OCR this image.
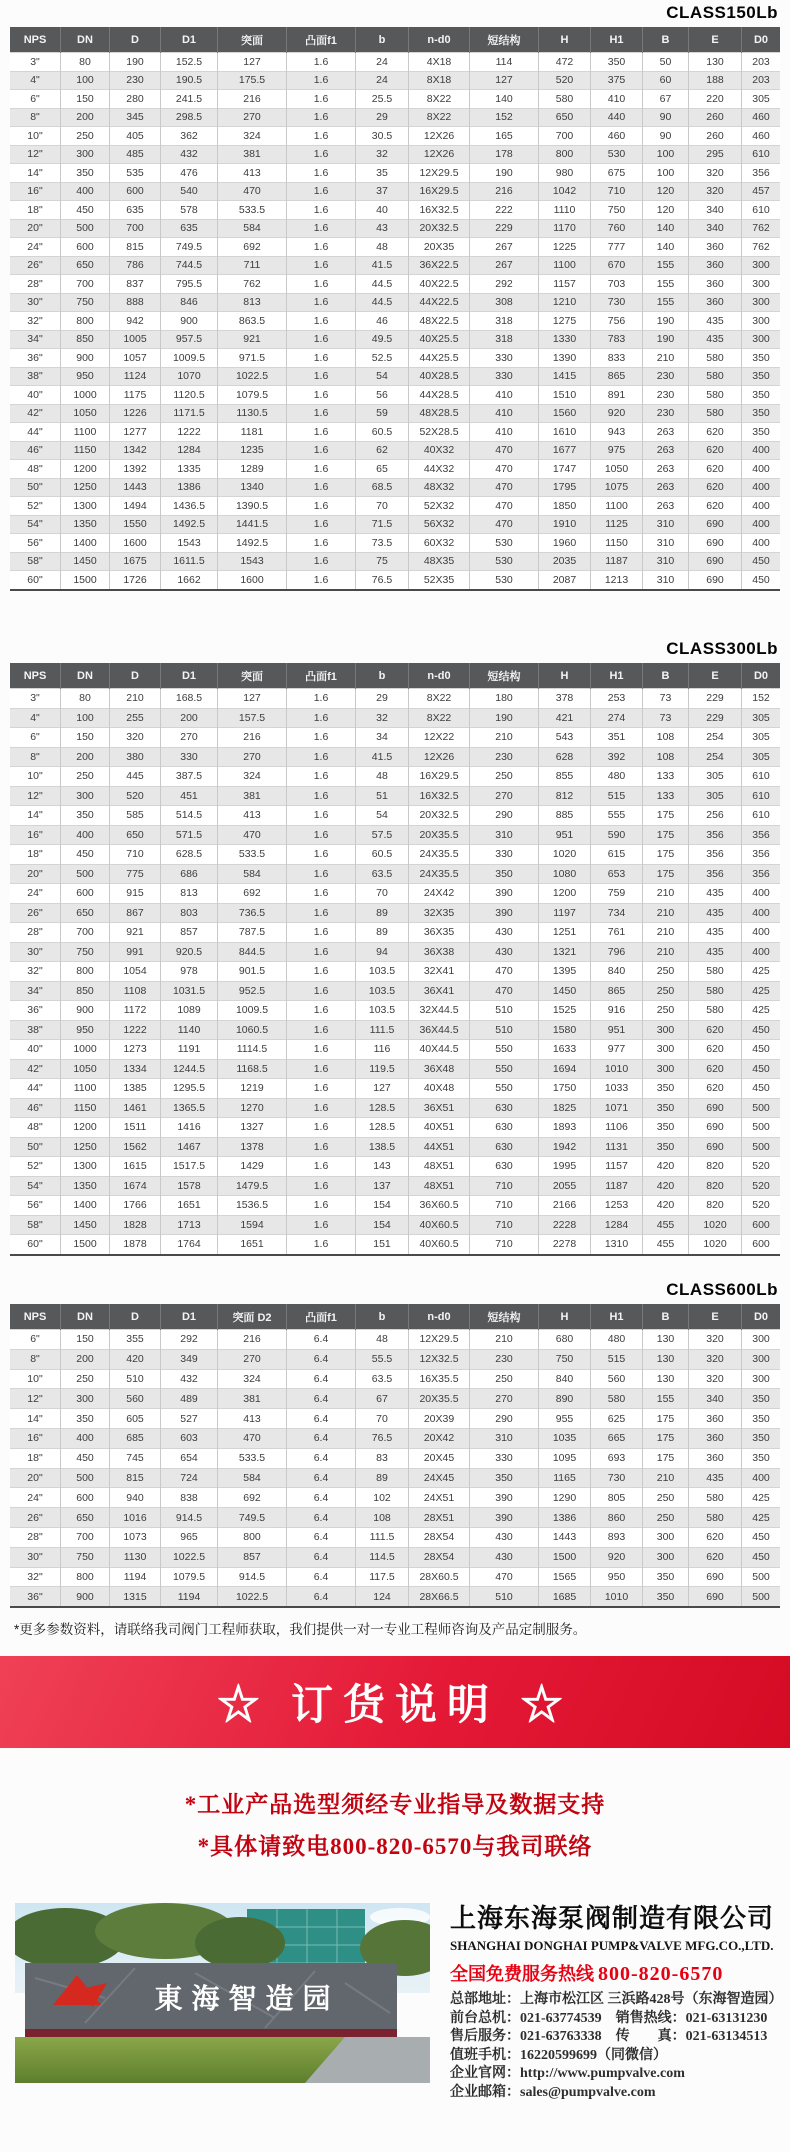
CLASS150Lb
NPS	DN	D	D1	突面	凸面f1	b	n-d0	短结构	H	H1	B	E	D0
3"	80	190	152.5	127	1.6	24	4X18	114	472	350	50	130	203
4"	100	230	190.5	175.5	1.6	24	8X18	127	520	375	60	188	203
6"	150	280	241.5	216	1.6	25.5	8X22	140	580	410	67	220	305
8"	200	345	298.5	270	1.6	29	8X22	152	650	440	90	260	460
10"	250	405	362	324	1.6	30.5	12X26	165	700	460	90	260	460
12"	300	485	432	381	1.6	32	12X26	178	800	530	100	295	610
14"	350	535	476	413	1.6	35	12X29.5	190	980	675	100	320	356
16"	400	600	540	470	1.6	37	16X29.5	216	1042	710	120	320	457
18"	450	635	578	533.5	1.6	40	16X32.5	222	1110	750	120	340	610
20"	500	700	635	584	1.6	43	20X32.5	229	1170	760	140	340	762
24"	600	815	749.5	692	1.6	48	20X35	267	1225	777	140	360	762
26"	650	786	744.5	711	1.6	41.5	36X22.5	267	1100	670	155	360	300
28"	700	837	795.5	762	1.6	44.5	40X22.5	292	1157	703	155	360	300
30"	750	888	846	813	1.6	44.5	44X22.5	308	1210	730	155	360	300
32"	800	942	900	863.5	1.6	46	48X22.5	318	1275	756	190	435	300
34"	850	1005	957.5	921	1.6	49.5	40X25.5	318	1330	783	190	435	300
36"	900	1057	1009.5	971.5	1.6	52.5	44X25.5	330	1390	833	210	580	350
38"	950	1124	1070	1022.5	1.6	54	40X28.5	330	1415	865	230	580	350
40"	1000	1175	1120.5	1079.5	1.6	56	44X28.5	410	1510	891	230	580	350
42"	1050	1226	1171.5	1130.5	1.6	59	48X28.5	410	1560	920	230	580	350
44"	1100	1277	1222	1181	1.6	60.5	52X28.5	410	1610	943	263	620	350
46"	1150	1342	1284	1235	1.6	62	40X32	470	1677	975	263	620	400
48"	1200	1392	1335	1289	1.6	65	44X32	470	1747	1050	263	620	400
50"	1250	1443	1386	1340	1.6	68.5	48X32	470	1795	1075	263	620	400
52"	1300	1494	1436.5	1390.5	1.6	70	52X32	470	1850	1100	263	620	400
54"	1350	1550	1492.5	1441.5	1.6	71.5	56X32	470	1910	1125	310	690	400
56"	1400	1600	1543	1492.5	1.6	73.5	60X32	530	1960	1150	310	690	400
58"	1450	1675	1611.5	1543	1.6	75	48X35	530	2035	1187	310	690	450
60"	1500	1726	1662	1600	1.6	76.5	52X35	530	2087	1213	310	690	450
CLASS300Lb
NPS	DN	D	D1	突面	凸面f1	b	n-d0	短结构	H	H1	B	E	D0
3"	80	210	168.5	127	1.6	29	8X22	180	378	253	73	229	152
4"	100	255	200	157.5	1.6	32	8X22	190	421	274	73	229	305
6"	150	320	270	216	1.6	34	12X22	210	543	351	108	254	305
8"	200	380	330	270	1.6	41.5	12X26	230	628	392	108	254	305
10"	250	445	387.5	324	1.6	48	16X29.5	250	855	480	133	305	610
12"	300	520	451	381	1.6	51	16X32.5	270	812	515	133	305	610
14"	350	585	514.5	413	1.6	54	20X32.5	290	885	555	175	256	610
16"	400	650	571.5	470	1.6	57.5	20X35.5	310	951	590	175	356	356
18"	450	710	628.5	533.5	1.6	60.5	24X35.5	330	1020	615	175	356	356
20"	500	775	686	584	1.6	63.5	24X35.5	350	1080	653	175	356	356
24"	600	915	813	692	1.6	70	24X42	390	1200	759	210	435	400
26"	650	867	803	736.5	1.6	89	32X35	390	1197	734	210	435	400
28"	700	921	857	787.5	1.6	89	36X35	430	1251	761	210	435	400
30"	750	991	920.5	844.5	1.6	94	36X38	430	1321	796	210	435	400
32"	800	1054	978	901.5	1.6	103.5	32X41	470	1395	840	250	580	425
34"	850	1108	1031.5	952.5	1.6	103.5	36X41	470	1450	865	250	580	425
36"	900	1172	1089	1009.5	1.6	103.5	32X44.5	510	1525	916	250	580	425
38"	950	1222	1140	1060.5	1.6	111.5	36X44.5	510	1580	951	300	620	450
40"	1000	1273	1191	1114.5	1.6	116	40X44.5	550	1633	977	300	620	450
42"	1050	1334	1244.5	1168.5	1.6	119.5	36X48	550	1694	1010	300	620	450
44"	1100	1385	1295.5	1219	1.6	127	40X48	550	1750	1033	350	620	450
46"	1150	1461	1365.5	1270	1.6	128.5	36X51	630	1825	1071	350	690	500
48"	1200	1511	1416	1327	1.6	128.5	40X51	630	1893	1106	350	690	500
50"	1250	1562	1467	1378	1.6	138.5	44X51	630	1942	1131	350	690	500
52"	1300	1615	1517.5	1429	1.6	143	48X51	630	1995	1157	420	820	520
54"	1350	1674	1578	1479.5	1.6	137	48X51	710	2055	1187	420	820	520
56"	1400	1766	1651	1536.5	1.6	154	36X60.5	710	2166	1253	420	820	520
58"	1450	1828	1713	1594	1.6	154	40X60.5	710	2228	1284	455	1020	600
60"	1500	1878	1764	1651	1.6	151	40X60.5	710	2278	1310	455	1020	600
CLASS600Lb
NPS	DN	D	D1	突面 D2	凸面f1	b	n-d0	短结构	H	H1	B	E	D0
6"	150	355	292	216	6.4	48	12X29.5	210	680	480	130	320	300
8"	200	420	349	270	6.4	55.5	12X32.5	230	750	515	130	320	300
10"	250	510	432	324	6.4	63.5	16X35.5	250	840	560	130	320	300
12"	300	560	489	381	6.4	67	20X35.5	270	890	580	155	340	350
14"	350	605	527	413	6.4	70	20X39	290	955	625	175	360	350
16"	400	685	603	470	6.4	76.5	20X42	310	1035	665	175	360	350
18"	450	745	654	533.5	6.4	83	20X45	330	1095	693	175	360	350
20"	500	815	724	584	6.4	89	24X45	350	1165	730	210	435	400
24"	600	940	838	692	6.4	102	24X51	390	1290	805	250	580	425
26"	650	1016	914.5	749.5	6.4	108	28X51	390	1386	860	250	580	425
28"	700	1073	965	800	6.4	111.5	28X54	430	1443	893	300	620	450
30"	750	1130	1022.5	857	6.4	114.5	28X54	430	1500	920	300	620	450
32"	800	1194	1079.5	914.5	6.4	117.5	28X60.5	470	1565	950	350	690	500
36"	900	1315	1194	1022.5	6.4	124	28X66.5	510	1685	1010	350	690	500
*更多参数资料，请联络我司阀门工程师获取，我们提供一对一专业工程师咨询及产品定制服务。
☆ 订货说明 ☆
*工业产品选型须经专业指导及数据支持
*具体请致电800-820-6570与我司联络
東海智造园
上海东海泵阀制造有限公司
SHANGHAI DONGHAI PUMP&VALVE MFG.CO.,LTD.
全国免费服务热线 800-820-6570
总部地址：上海市松江区 三浜路428号（东海智造园）
前台总机：021-63774539　销售热线：021-63131230
售后服务：021-63763338　传　　真：021-63134513
值班手机：16220599699（同微信）
企业官网：http://www.pumpvalve.com
企业邮箱：sales@pumpvalve.com
